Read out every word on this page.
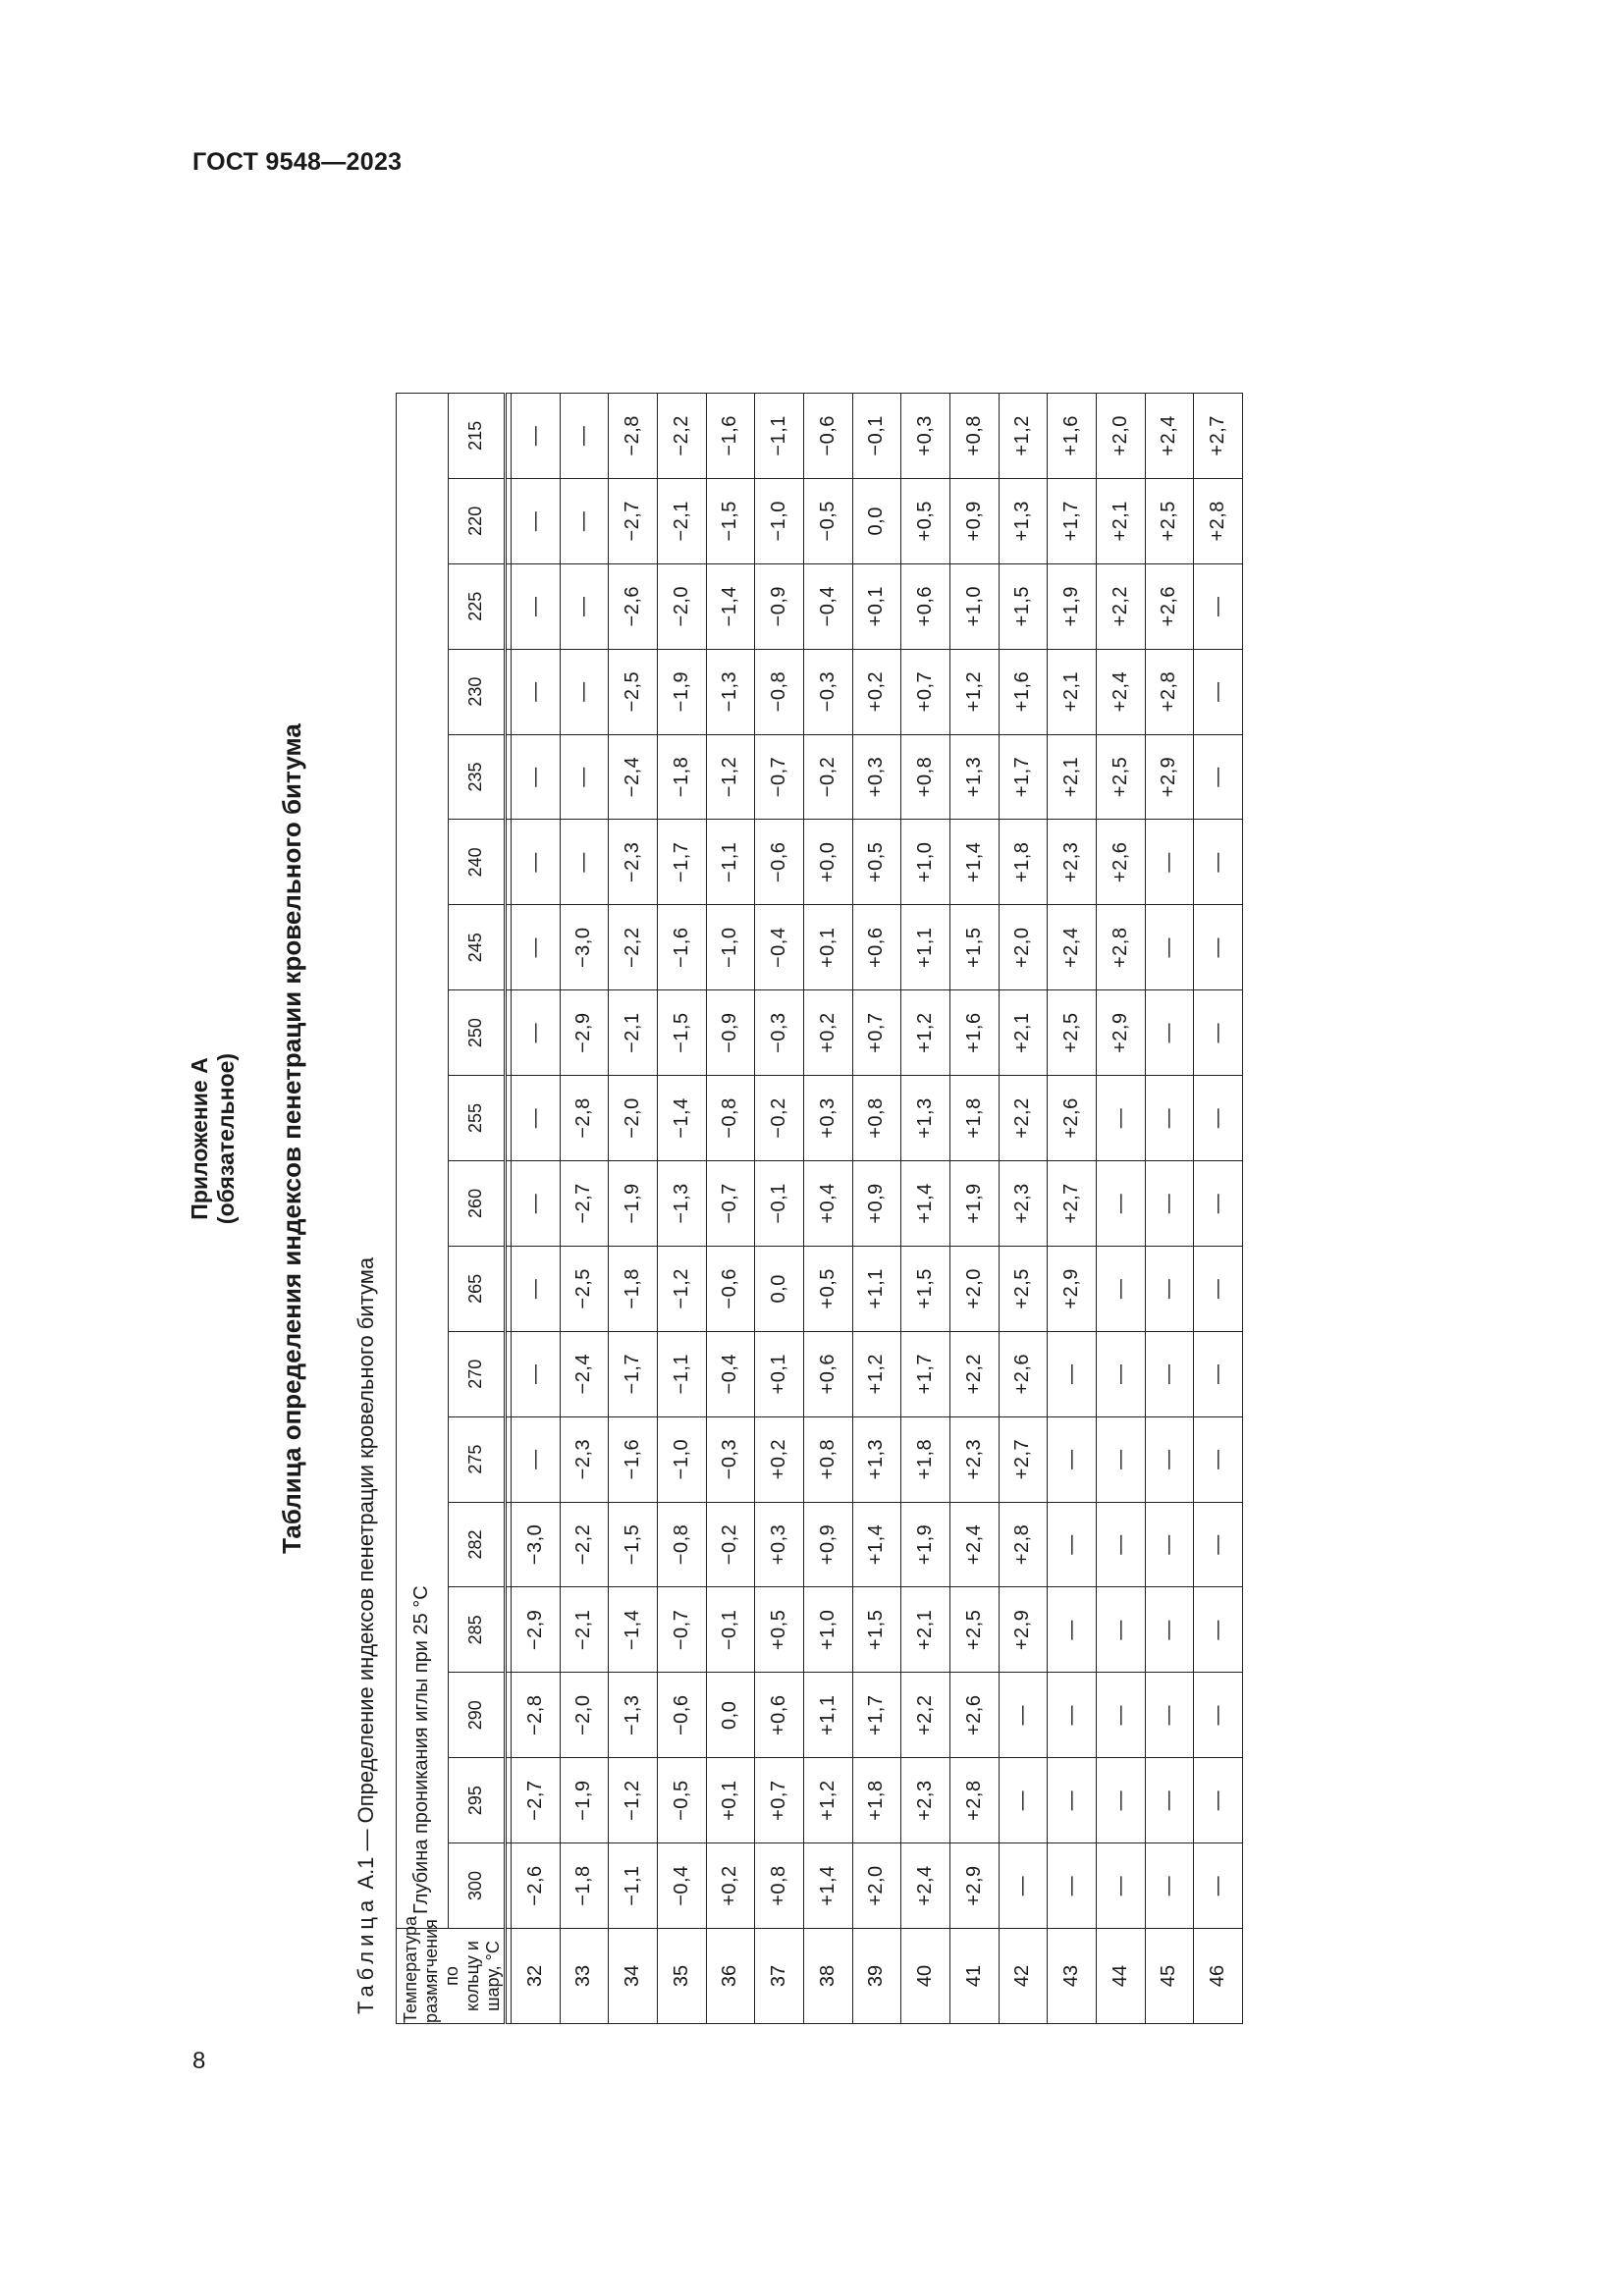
ГОСТ 9548—2023
Приложение А (обязательное) Таблица определения индексов пенетрации кровельного битума
Таблица А.1 — Определение индексов пенетрации кровельного битума
Температура размягчения по кольцу и шару, °С	Глубина проникания иглы при 25 °С																	
	300	295	290	285	282	275	270	265	260	255	250	245	240	235	230	225	220	215

32	−2,6	−2,7	−2,8	−2,9	−3,0	—	—	—	—	—	—	—	—	—	—	—	—	—
33	−1,8	−1,9	−2,0	−2,1	−2,2	−2,3	−2,4	−2,5	−2,7	−2,8	−2,9	−3,0	—	—	—	—	—	—
34	−1,1	−1,2	−1,3	−1,4	−1,5	−1,6	−1,7	−1,8	−1,9	−2,0	−2,1	−2,2	−2,3	−2,4	−2,5	−2,6	−2,7	−2,8
35	−0,4	−0,5	−0,6	−0,7	−0,8	−1,0	−1,1	−1,2	−1,3	−1,4	−1,5	−1,6	−1,7	−1,8	−1,9	−2,0	−2,1	−2,2
36	+0,2	+0,1	0,0	−0,1	−0,2	−0,3	−0,4	−0,6	−0,7	−0,8	−0,9	−1,0	−1,1	−1,2	−1,3	−1,4	−1,5	−1,6
37	+0,8	+0,7	+0,6	+0,5	+0,3	+0,2	+0,1	0,0	−0,1	−0,2	−0,3	−0,4	−0,6	−0,7	−0,8	−0,9	−1,0	−1,1
38	+1,4	+1,2	+1,1	+1,0	+0,9	+0,8	+0,6	+0,5	+0,4	+0,3	+0,2	+0,1	+0,0	−0,2	−0,3	−0,4	−0,5	−0,6
39	+2,0	+1,8	+1,7	+1,5	+1,4	+1,3	+1,2	+1,1	+0,9	+0,8	+0,7	+0,6	+0,5	+0,3	+0,2	+0,1	0,0	−0,1
40	+2,4	+2,3	+2,2	+2,1	+1,9	+1,8	+1,7	+1,5	+1,4	+1,3	+1,2	+1,1	+1,0	+0,8	+0,7	+0,6	+0,5	+0,3
41	+2,9	+2,8	+2,6	+2,5	+2,4	+2,3	+2,2	+2,0	+1,9	+1,8	+1,6	+1,5	+1,4	+1,3	+1,2	+1,0	+0,9	+0,8
42	—	—	—	+2,9	+2,8	+2,7	+2,6	+2,5	+2,3	+2,2	+2,1	+2,0	+1,8	+1,7	+1,6	+1,5	+1,3	+1,2
43	—	—	—	—	—	—	—	+2,9	+2,7	+2,6	+2,5	+2,4	+2,3	+2,1	+2,1	+1,9	+1,7	+1,6
44	—	—	—	—	—	—	—	—	—	—	+2,9	+2,8	+2,6	+2,5	+2,4	+2,2	+2,1	+2,0
45	—	—	—	—	—	—	—	—	—	—	—	—	—	+2,9	+2,8	+2,6	+2,5	+2,4
46	—	—	—	—	—	—	—	—	—	—	—	—	—	—	—	—	+2,8	+2,7
8
